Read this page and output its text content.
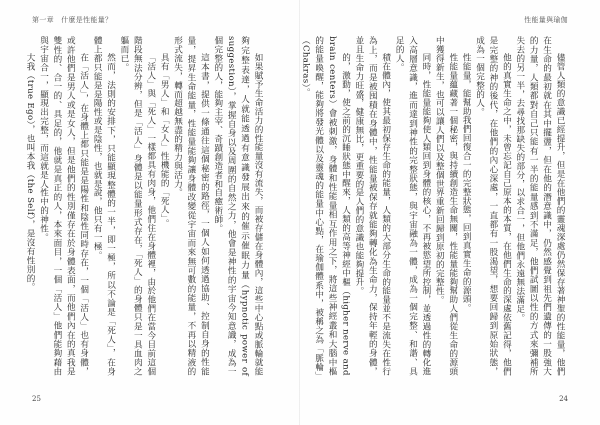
第一章　什麼是性能量？

如果賦予生命活力的性能量沒有流失，而被存儲在身體內，這些中心點或脈輪就能夠完整表達，人就能透過有意識發展出來的催示催眠力量（hypnotic power of suggestion），掌握自身以及周圍的自然之力，他會是神性的宇宙今知意識，成為一個完整的人，能夠主宰、奇蹟創造者和自癒術師。

這本書，提供一條通往這個秘密的路徑，一個人如何透過協助、控制自身的性能量，提昇生命能量，性能量能夠讓身體改變從宇宙而來無可數的能量，不再以精液的形式流失，轉而超越無盡的精力與活力。

具有「男人」和「女人」性機能的「死人」。

「活人」與「死人」一樣都具有肉身，他們住在身體裡，由於他們在當今目前這個階段無法分辨，但是「活人」身體是以能量形式存在，「死人」的身體只是一具血肉之軀而已。

然而，法則的安排下，只能顯現整體的一半，即一極，所以不論是「死人」，在身體上都只能是是陽性或是陰性，也就是說，他只有一極。

在「活人」，在身體上都只能是是陽性和陰性同時存在，一個「活人」也有身體，或許他們是男人或是女人，但是他們的性別僅存在於身體表面，而他們內在的真我是雙性的、合一的、具足的，他就是真正的人，本來面目，一個「活人」他們能夠藉由與宇宙合一，顯現出完整，而這就是人性中的神性。

大我（true Ego），也叫本我（the Self），是沒有性別的。

25
性能量與瑜伽

儘管人類的意識已經提升，但是在他們的靈魂深處仍然保存著神聖的性能量，他們在生命的最初就在其中擺盪，但在他的潛意識中，仍然感覺到祖先們遺傳的一股強大的力量，人類都對自己只能有一半的能量感到不滿足，他們試圖以性的方式來彌補所失去的另一半，去尋找那缺失的部分，以求合一，但他們永遠無法滿足。

他的真實生命之中，未曾忘記自己原本的本質，在他們生命的深處依舊記得，他們是完整的神的後代，在他們的內心深處，一直都有一股渴望，想要回歸到原始狀態，成為一個完整的人。

性能量，能幫助我們回復合一的完整狀態，回到真實生命的源頭。

性能量蘊藏著一個秘密，與持續創造生命無關，性能量能夠幫助人們從生命的源頭中獲得新生，也可以讓人們以及整個世界重新回歸到原初的完整性。

同時，性能量能夠使人類回到身體的核心，不再被慾望所控制，並透過性的轉化進入高層意識，進而達到神性的完整狀態，與宇宙融為一體，成為一個完整、和諧、具足的人。

積在體內，使其最初保存生命的能量，人類的大部分生命的能量並不是流失在性行為上，而是被囤積在身體中，性能量被保存就能夠轉化為生命力，保持年輕的身體，並且生命力旺盛，健康無比，更重要的是人們的意識也能夠提升。

的，激動，使之前的沉睡狀態中醒來，人類的高等神經中樞（higher nerve and brain centers）會被刺激，身體和性能量相互作用之下，將這些神經叢和大腦中樞的能量喚醒，能夠將發光體以及靈魂的能量中心點，在瑜伽體系中，被稱之為「脈輪」（Chakras）。

24
